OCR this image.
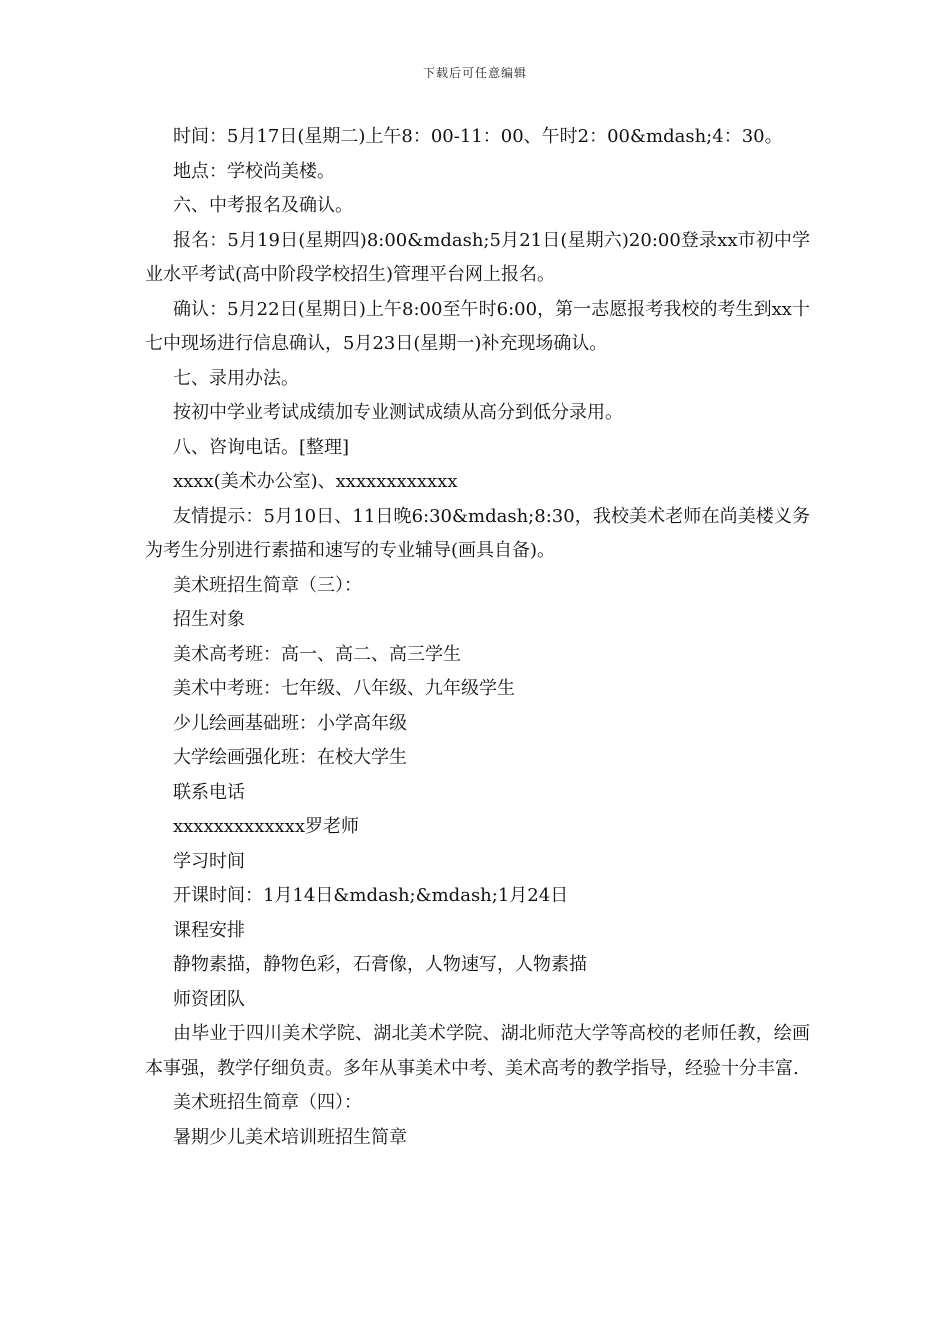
下载后可任意编辑

时间：5月17日(星期二)上午8：00-11：00、午时2：00&mdash;4：30。

地点：学校尚美楼。

六、中考报名及确认。

报名：5月19日(星期四)8:00&mdash;5月21日(星期六)20:00登录xx市初中学业水平考试(高中阶段学校招生)管理平台网上报名。

确认：5月22日(星期日)上午8:00至午时6:00，第一志愿报考我校的考生到xx十七中现场进行信息确认，5月23日(星期一)补充现场确认。

七、录用办法。

按初中学业考试成绩加专业测试成绩从高分到低分录用。

八、咨询电话。[整理]

xxxx(美术办公室)、xxxxxxxxxxxx

友情提示：5月10日、11日晚6:30&mdash;8:30，我校美术老师在尚美楼义务为考生分别进行素描和速写的专业辅导(画具自备)。

美术班招生简章（三）：

招生对象

美术高考班：高一、高二、高三学生

美术中考班：七年级、八年级、九年级学生

少儿绘画基础班：小学高年级

大学绘画强化班：在校大学生

联系电话

xxxxxxxxxxxxx罗老师

学习时间

开课时间：1月14日&mdash;&mdash;1月24日

课程安排

静物素描，静物色彩，石膏像，人物速写，人物素描

师资团队

由毕业于四川美术学院、湖北美术学院、湖北师范大学等高校的老师任教，绘画本事强，教学仔细负责。多年从事美术中考、美术高考的教学指导，经验十分丰富.

美术班招生简章（四）：

暑期少儿美术培训班招生简章
